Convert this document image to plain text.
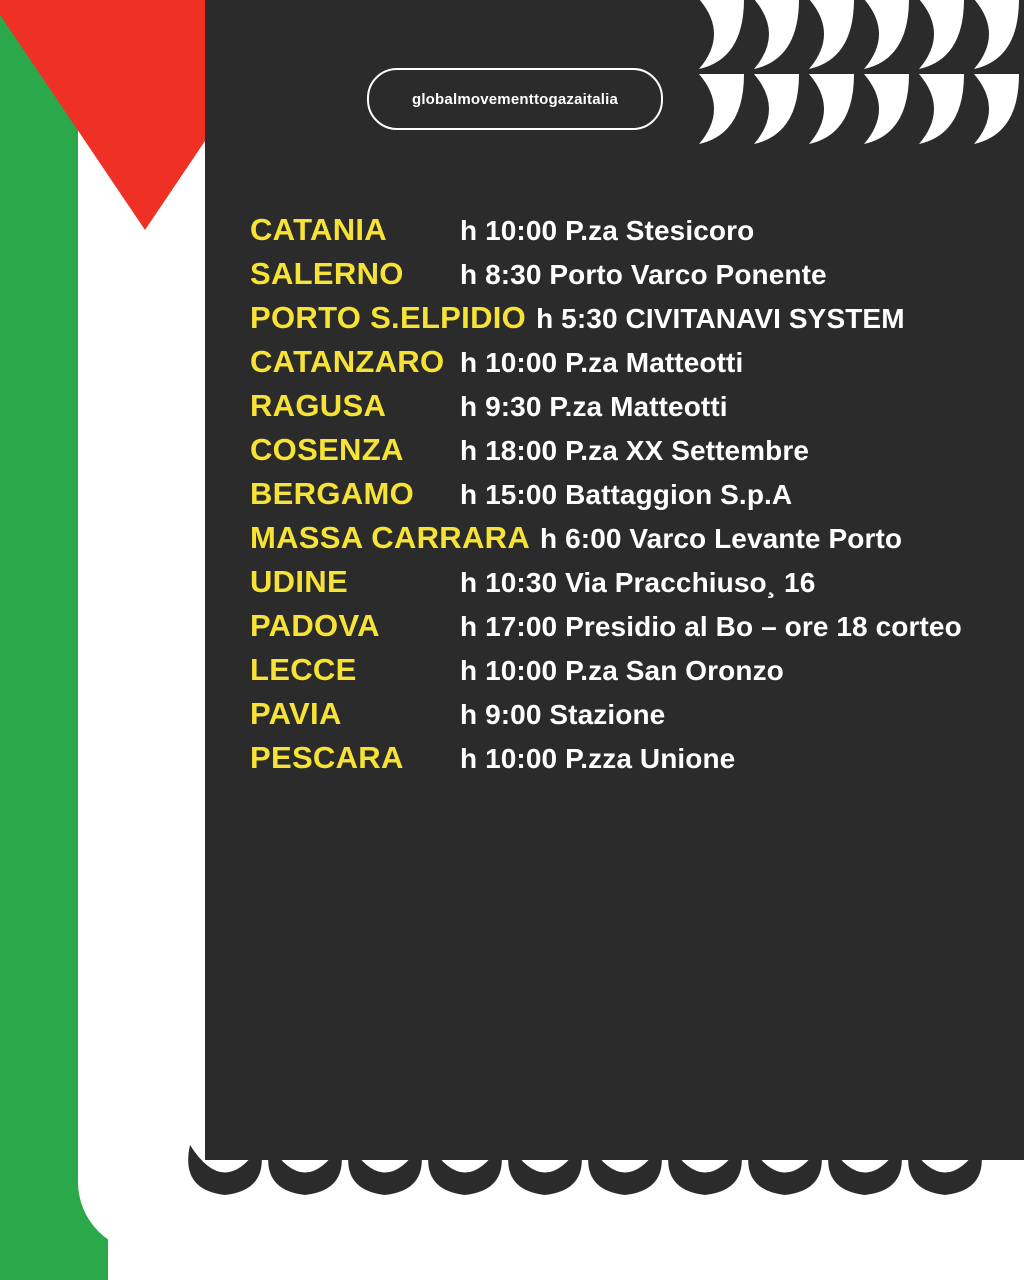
globalmovementtogazaitalia
CATANIA	h 10:00 P.za Stesicoro
SALERNO	h 8:30 Porto Varco Ponente
PORTO S.ELPIDIO h 5:30 CIVITANAVI SYSTEM
CATANZARO h 10:00 P.za Matteotti
RAGUSA	h 9:30 P.za Matteotti
COSENZA	h 18:00 P.za XX Settembre
BERGAMO	h 15:00 Battaggion S.p.A
MASSA CARRARA h 6:00 Varco Levante Porto
UDINE	h 10:30 Via Pracchiuso¸ 16
PADOVA	h 17:00 Presidio al Bo – ore 18 corteo
LECCE	h 10:00 P.za San Oronzo
PAVIA	h 9:00 Stazione
PESCARA	h 10:00 P.zza Unione
